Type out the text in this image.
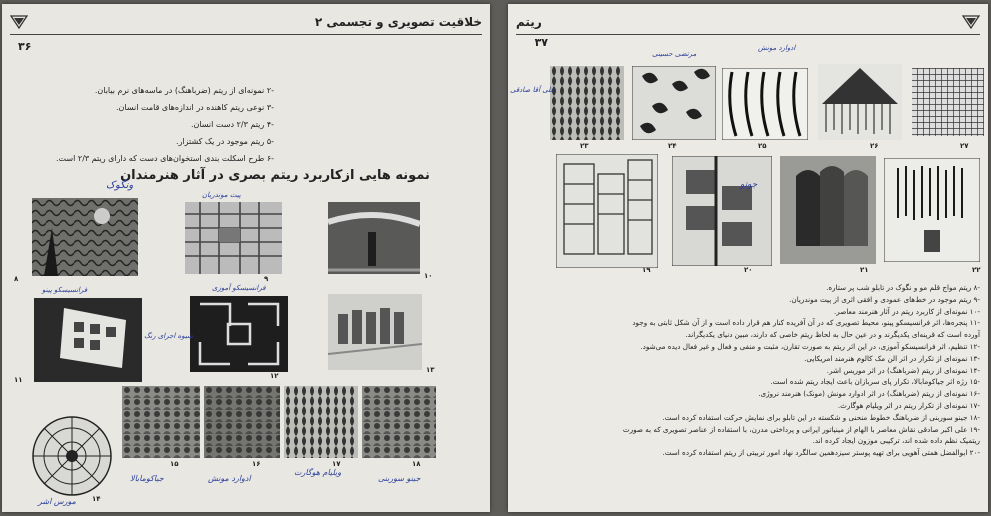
خلاقیت تصویری و تجسمی ۲
۳۶
-۲ نمونه‌ای از ریتم (ضرباهنگ) در ماسه‌های نرم بیابان.
-۳ نوعی ریتم کاهنده در اندازه‌های قامت انسان.
-۴ ریتم ۲/۳ دست انسان.
-۵ ریتم موجود در یک کشتزار.
-۶ طرح اسکلت بندی استخوان‌های دست که دارای ریتم ۲/۳ است.
نمونه هایی ازکاربرد ریتم بصری در آثار هنرمندان
۸	۹	۱۰
۱۱	۱۲
۱۳
۱۴
۱۵	۱۶	۱۷	۱۸
ونگوک
پیت موندریان
فرانسیسکو پینو	فرانسیسکو آموزی
شیوه اجرای رنگ
مورس اشر
جیاکومابالا	ادوارد مونش
ویلیام هوگارت
جینو سوربنی
ریتم
۳۷
۲۷
۲۶
۲۵
۲۴
۲۳
۲۲
۲۱
۲۰
۱۹
ادوارد مونش
مرتضی حسینی
علی آقا صادقی
جوتو
-۸ ریتم مواج قلم مو و نگوک در تابلو شب پر ستاره.
-۹ ریتم موجود در خط‌های عمودی و افقی اثری از پیت موندریان.
-۱۰ نمونه‌ای از کاربرد ریتم در آثار هنرمند معاصر.
-۱۱ پنجره‌ها، اثر فرانسیسکو پینو، محیط تصویری که در آن آفریده کنار هم قرار داده است و از آن شکل ثابتی به وجود
آورده است که قرینه‌ای یکدیگرند و در عین حال به لحاظ ریتم خاصی که دارند، مبین دنیای یکدیگراند.
-۱۲ تنظیم، اثر فرانسیسکو آموزی، در این اثر ریتم به صورت تقارن، مثبت و منفی و فعال و غیر فعال دیده می‌شود.
-۱۳ نمونه‌ای از تکرار در اثر الن مک کالوم هنرمند امریکایی.
-۱۴ نمونه‌ای از ریتم (ضرباهنگ) در اثر موریس اشر.
-۱۵ رژه اثر جیاکومابالا، تکرار پای سربازان باعث ایجاد ریتم شده است.
-۱۶ نمونه‌ای از ریتم (ضرباهنگ) در اثر ادوارد مونش (مونک) هنرمند نروژی.
-۱۷ نمونه‌ای از تکرار ریتم در اثر ویلیام هوگارث.
-۱۸ جینو سوربنی از ضرباهنگ خطوط منحنی و شکسته در این تابلو برای نمایش حرکت استفاده کرده است.
-۱۹ علی اکبر صادقی نقاش معاصر با الهام از مینیاتور ایرانی و پرداختی مدرن، با استفاده از عناصر تصویری که به صورت
ریتمیک نظم داده شده اند، ترکیبی موزون ایجاد کرده اند.
-۲۰ ابوالفضل همتی آهویی برای تهیه پوستر سیزدهمین سالگرد نهاد امور تربیتی از ریتم استفاده کرده است.
